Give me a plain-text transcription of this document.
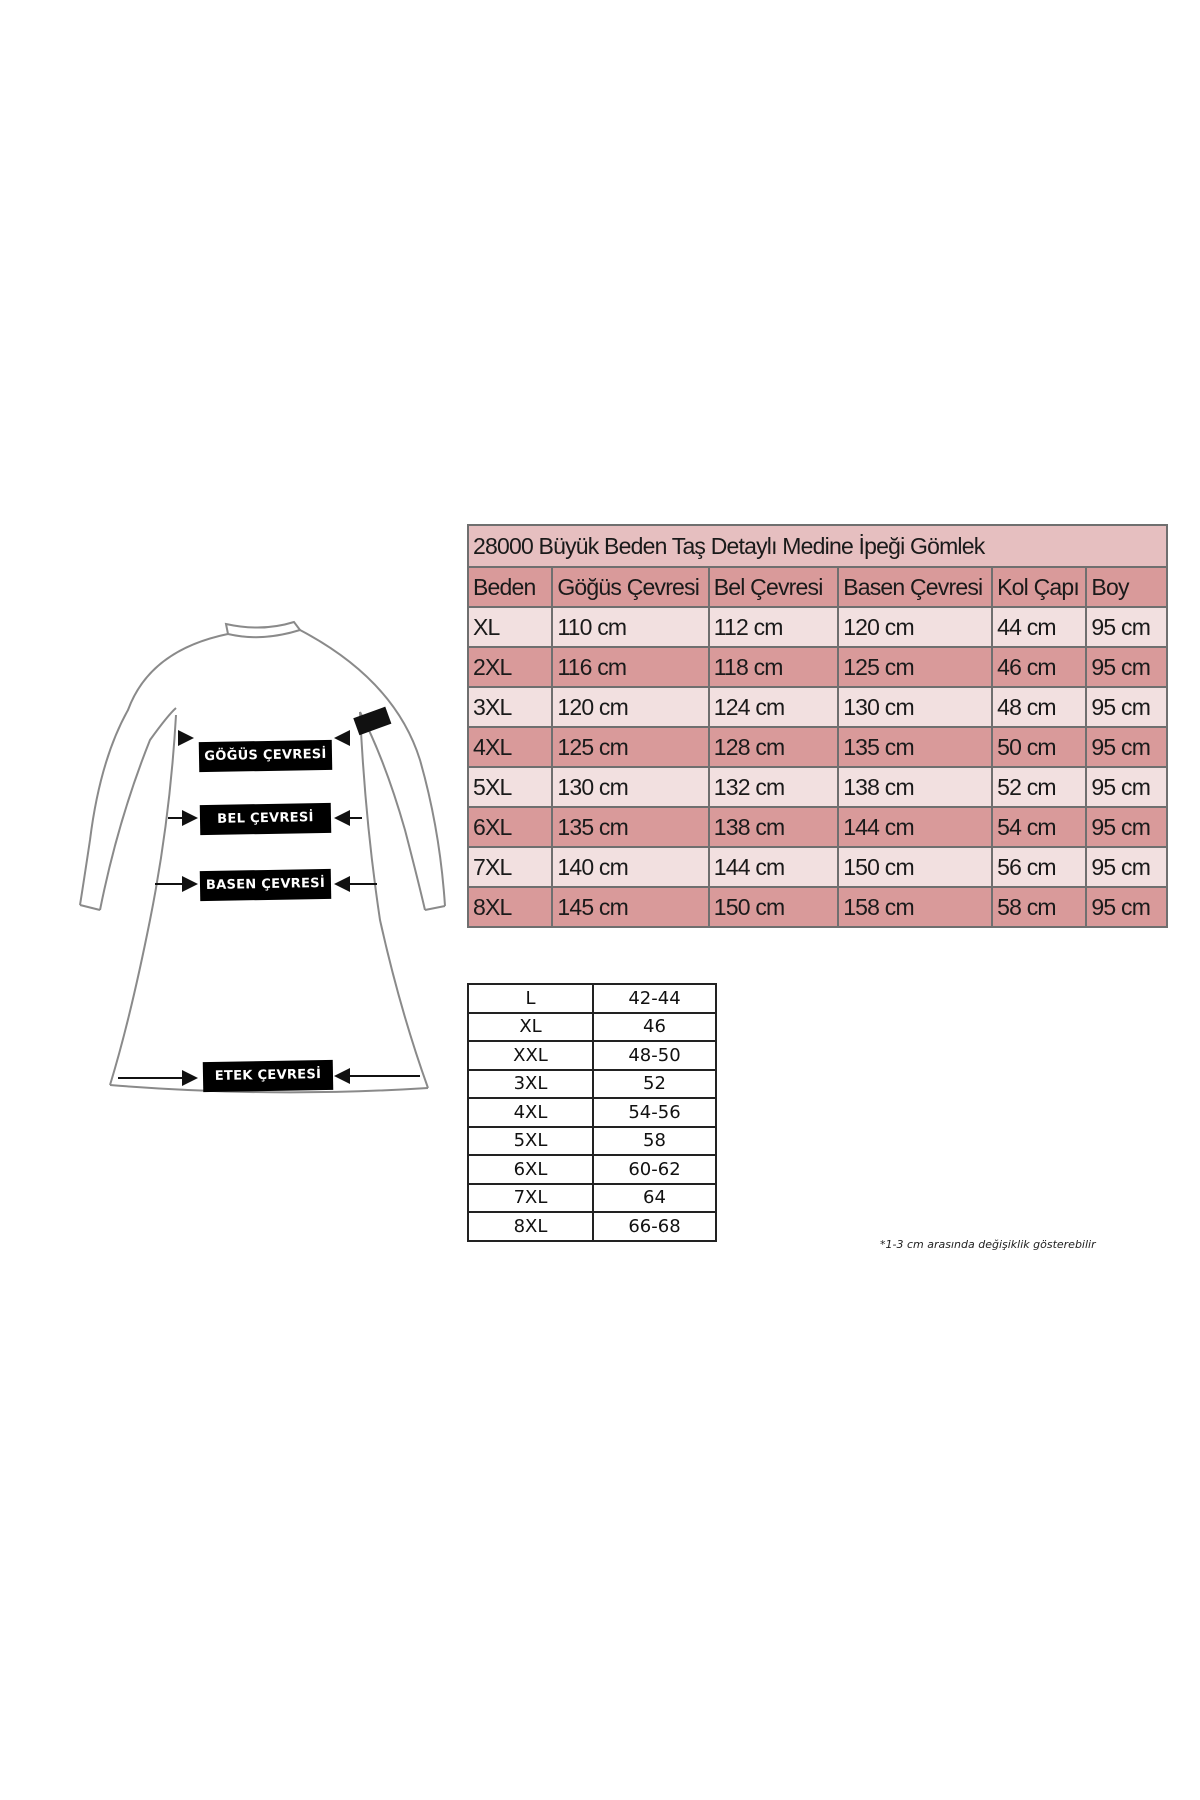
GÖĞÜS ÇEVRESİ
BEL ÇEVRESİ
BASEN ÇEVRESİ
ETEK ÇEVRESİ
28000 Büyük Beden Taş Detaylı Medine İpeği Gömlek					
Beden	Göğüs Çevresi	Bel Çevresi	Basen Çevresi	Kol Çapı	Boy
XL	110 cm	112 cm	120 cm	44 cm	95 cm
2XL	116 cm	118 cm	125 cm	46 cm	95 cm
3XL	120 cm	124 cm	130 cm	48 cm	95 cm
4XL	125 cm	128 cm	135 cm	50 cm	95 cm
5XL	130 cm	132 cm	138 cm	52 cm	95 cm
6XL	135 cm	138 cm	144 cm	54 cm	95 cm
7XL	140 cm	144 cm	150 cm	56 cm	95 cm
8XL	145 cm	150 cm	158 cm	58 cm	95 cm
L	42-44
XL	46
XXL	48-50
3XL	52
4XL	54-56
5XL	58
6XL	60-62
7XL	64
8XL	66-68
*1-3 cm arasında değişiklik gösterebilir
